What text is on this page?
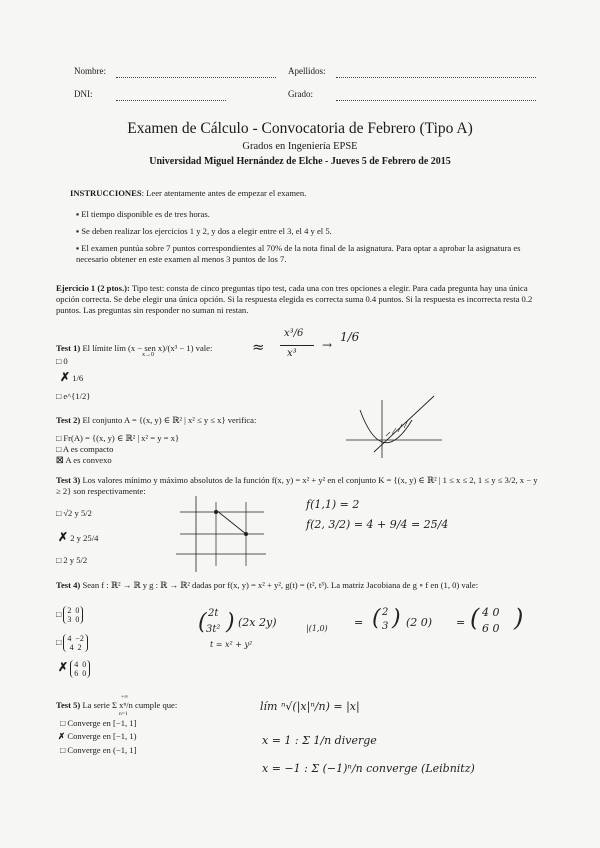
Nombre:	Apellidos:
DNI:	Grado:
Examen de Cálculo - Convocatoria de Febrero (Tipo A)
Grados en Ingeniería EPSE
Universidad Miguel Hernández de Elche - Jueves 5 de Febrero de 2015
INSTRUCCIONES: Leer atentamente antes de empezar el examen.
▪ El tiempo disponible es de tres horas.
▪ Se deben realizar los ejercicios 1 y 2, y dos a elegir entre el 3, el 4 y el 5.
▪ El examen puntúa sobre 7 puntos correspondientes al 70% de la nota final de la asignatura. Para optar a aprobar la asignatura es necesario obtener en este examen al menos 3 puntos de los 7.
Ejercicio 1 (2 ptos.): Tipo test: consta de cinco preguntas tipo test, cada una con tres opciones a elegir. Para cada pregunta hay una única opción correcta. Se debe elegir una única opción. Si la respuesta elegida es correcta suma 0.4 puntos. Si la respuesta es incorrecta resta 0.2 puntos. Las preguntas sin responder no suman ni restan.
Test 1) El límite lím (x − sen x)/(x³ − 1) vale:
x→0
□ 0
✗ 1/6
□ e^{1/2}
≈
x³/6
x³
→
1/6
Test 2) El conjunto A = {(x, y) ∈ ℝ² | x² ≤ y ≤ x} verifica:
□ Fr(A) = {(x, y) ∈ ℝ² | x² = y = x}
□ A es compacto
☒ A es convexo
Test 3) Los valores mínimo y máximo absolutos de la función f(x, y) = x² + y² en el conjunto K = {(x, y) ∈ ℝ² | 1 ≤ x ≤ 2, 1 ≤ y ≤ 3/2, x − y ≥ 2} son respectivamente:
□ √2 y 5/2
✗ 2 y 25/4
□ 2 y 5/2
f(1,1) = 2
f(2, 3/2) = 4 + 9/4 = 25/4
Test 4) Sean f : ℝ² → ℝ y g : ℝ → ℝ² dadas por f(x, y) = x² + y², g(t) = (t², t³). La matriz Jacobiana de g ∘ f en (1, 0) vale:
□ 2 0
3 0
□ 4 −2
4 2
✗ 4 0
6 0
( 2t
3t² ) (2x 2y)	|(1,0)
t = x² + y²
= ( 2
3 ) (2 0) = ( 4 0
6 0 )
Test 5) La serie Σ xⁿ/n cumple que:
+∞
n=1
□ Converge en [−1, 1]
✗ Converge en [−1, 1)
□ Converge en (−1, 1]
lím ⁿ√(|x|ⁿ/n) = |x|
x = 1 : Σ 1/n diverge
x = −1 : Σ (−1)ⁿ/n converge (Leibnitz)
